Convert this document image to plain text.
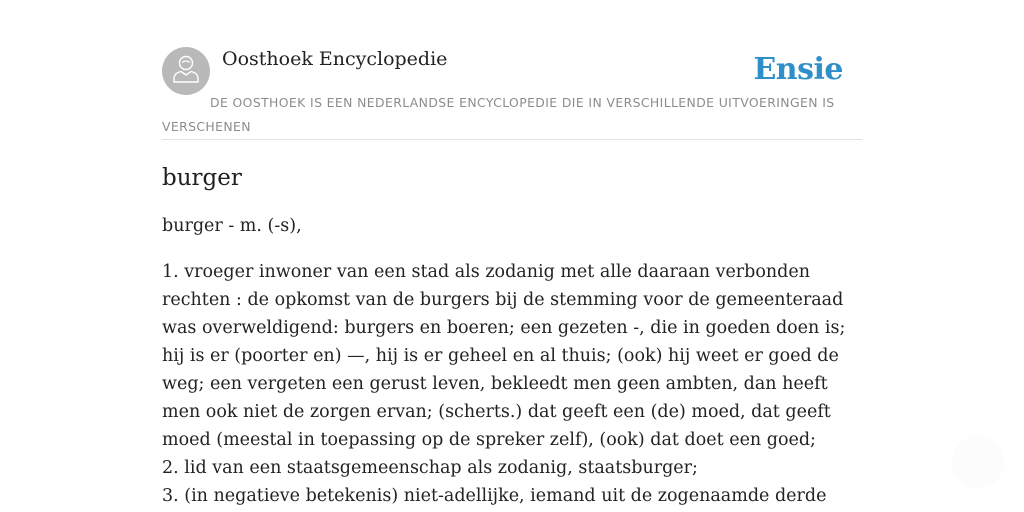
Oosthoek Encyclopedie	Ensie
DE OOSTHOEK IS EEN NEDERLANDSE ENCYCLOPEDIE DIE IN VERSCHILLENDE UITVOERINGEN IS VERSCHENEN
burger

burger - m. (-s),

1. vroeger inwoner van een stad als zodanig met alle daaraan verbonden rechten : de opkomst van de burgers bij de stemming voor de gemeenteraad was overweldigend: burgers en boeren; een gezeten -, die in goeden doen is; hij is er (poorter en) —, hij is er geheel en al thuis; (ook) hij weet er goed de weg; een vergeten een gerust leven, bekleedt men geen ambten, dan heeft men ook niet de zorgen ervan; (scherts.) dat geeft een (de) moed, dat geeft moed (meestal in toepassing op de spreker zelf), (ook) dat doet een goed;
2. lid van een staatsgemeenschap als zodanig, staatsburger;
3. (in negatieve betekenis) niet-adellijke, iemand uit de zogenaamde derde
